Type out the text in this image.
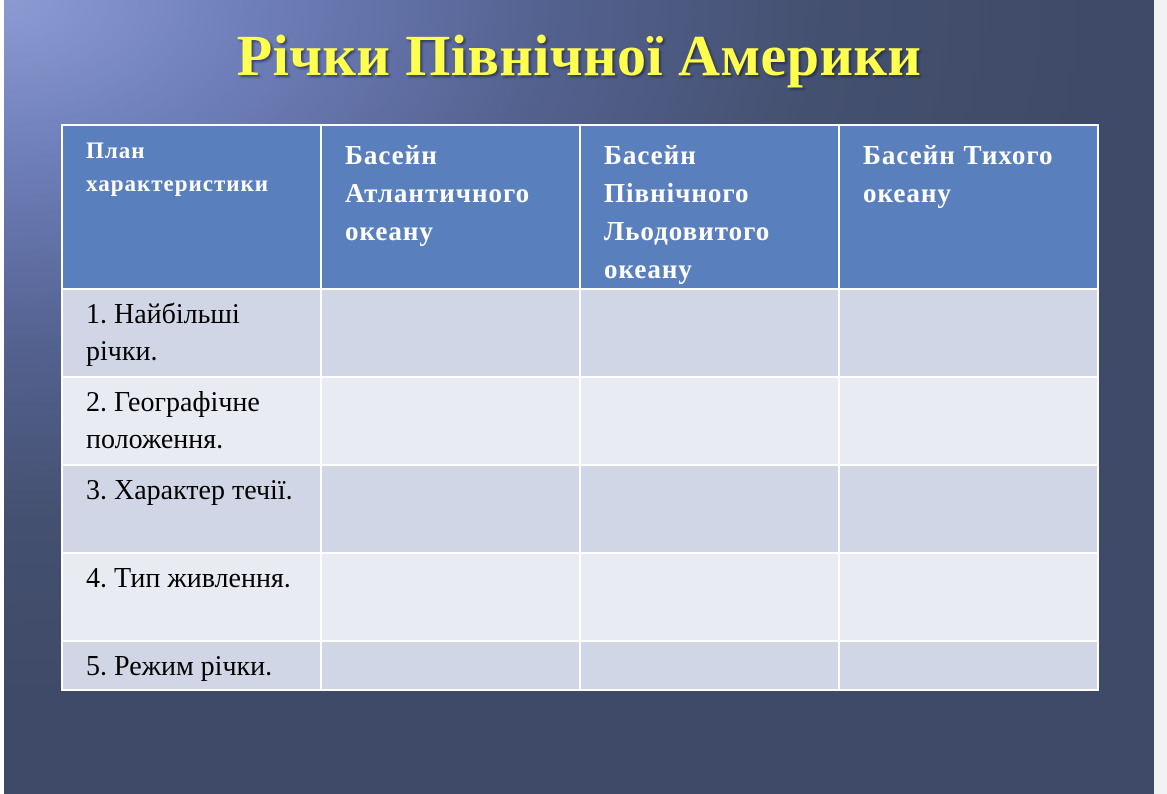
Річки Північної Америки
План характеристики	Басейн Атлантичного океану	Басейн Північного Льодовитого океану	Басейн Тихого океану
1. Найбільші річки.			
2. Географічне положення.			
3. Характер течії.			
4. Тип живлення.			
5. Режим річки.			
